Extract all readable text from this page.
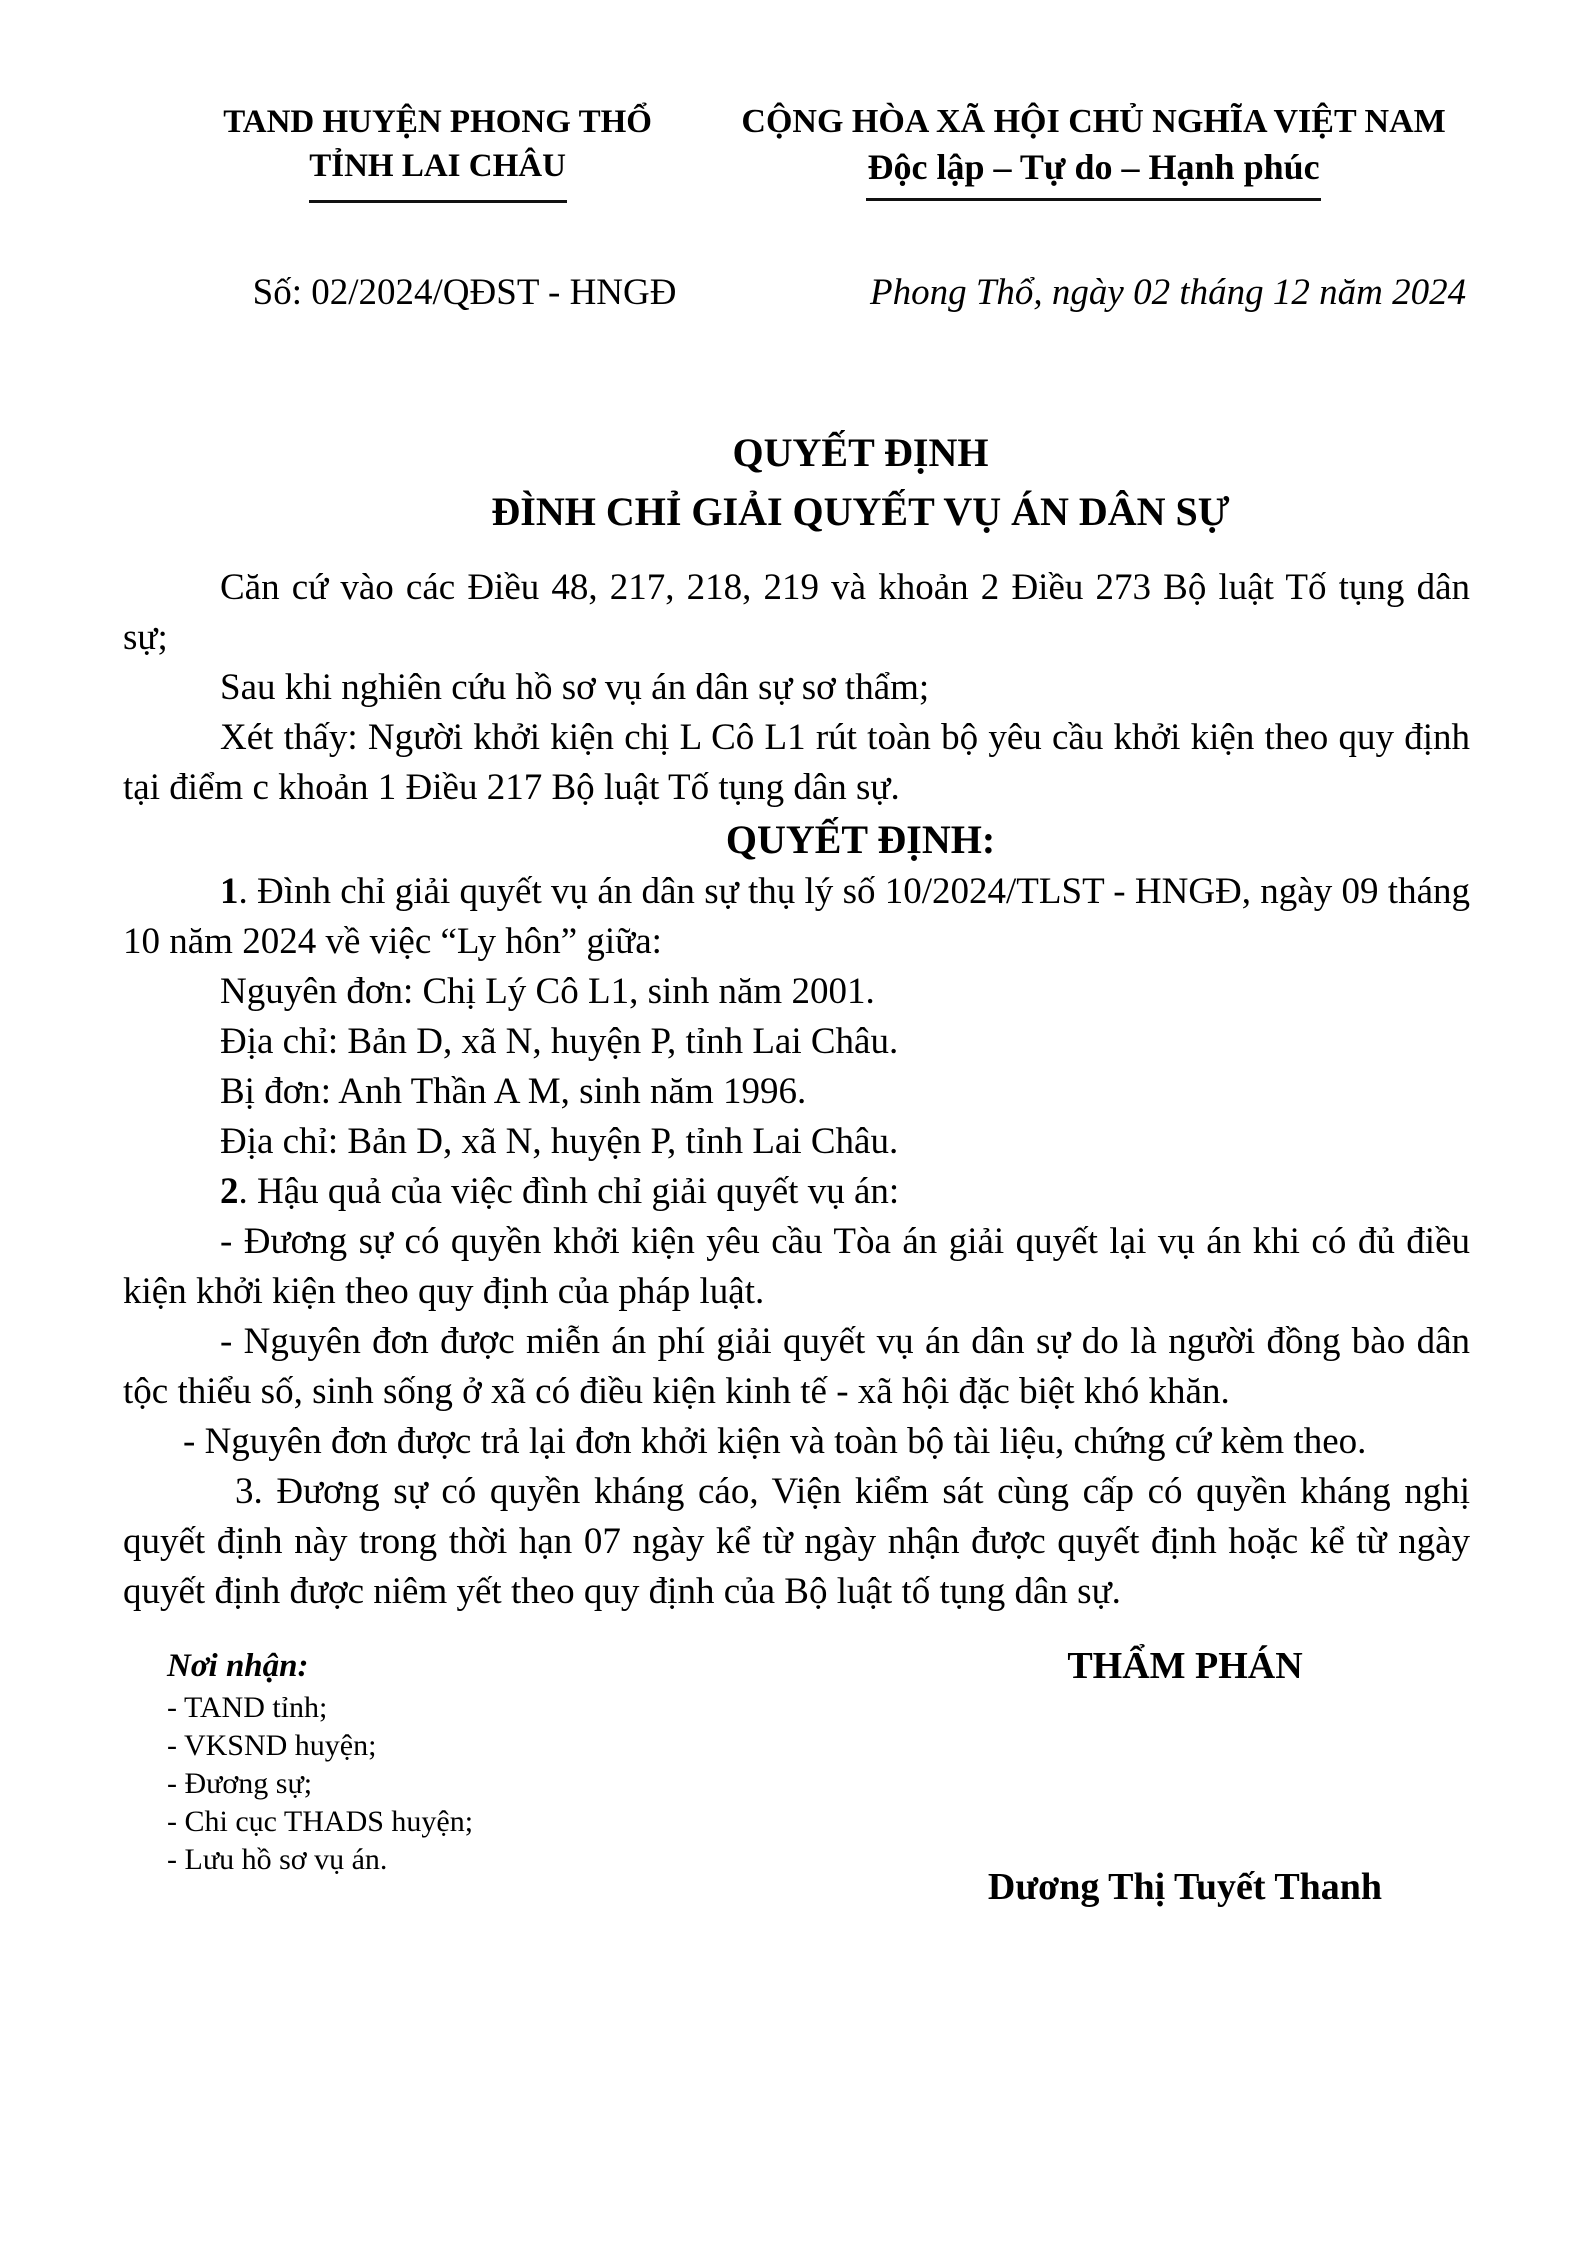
TAND HUYỆN PHONG THỔ
TỈNH LAI CHÂU
CỘNG HÒA XÃ HỘI CHỦ NGHĨA VIỆT NAM
Độc lập – Tự do – Hạnh phúc
Số: 02/2024/QĐST - HNGĐ	Phong Thổ, ngày 02 tháng 12 năm 2024
QUYẾT ĐỊNH
ĐÌNH CHỈ GIẢI QUYẾT VỤ ÁN DÂN SỰ

Căn cứ vào các Điều 48, 217, 218, 219 và khoản 2 Điều 273 Bộ luật Tố tụng dân sự;

Sau khi nghiên cứu hồ sơ vụ án dân sự sơ thẩm;

Xét thấy: Người khởi kiện chị L Cô L1 rút toàn bộ yêu cầu khởi kiện theo quy định tại điểm c khoản 1 Điều 217 Bộ luật Tố tụng dân sự.

QUYẾT ĐỊNH:

1. Đình chỉ giải quyết vụ án dân sự thụ lý số 10/2024/TLST - HNGĐ, ngày 09 tháng 10 năm 2024 về việc “Ly hôn” giữa:

Nguyên đơn: Chị Lý Cô L1, sinh năm 2001.

Địa chỉ: Bản D, xã N, huyện P, tỉnh Lai Châu.

Bị đơn: Anh Thần A M, sinh năm 1996.

Địa chỉ: Bản D, xã N, huyện P, tỉnh Lai Châu.

2. Hậu quả của việc đình chỉ giải quyết vụ án:

- Đương sự có quyền khởi kiện yêu cầu Tòa án giải quyết lại vụ án khi có đủ điều kiện khởi kiện theo quy định của pháp luật.

- Nguyên đơn được miễn án phí giải quyết vụ án dân sự do là người đồng bào dân tộc thiểu số, sinh sống ở xã có điều kiện kinh tế - xã hội đặc biệt khó khăn.

- Nguyên đơn được trả lại đơn khởi kiện và toàn bộ tài liệu, chứng cứ kèm theo.

3. Đương sự có quyền kháng cáo, Viện kiểm sát cùng cấp có quyền kháng nghị quyết định này trong thời hạn 07 ngày kể từ ngày nhận được quyết định hoặc kể từ ngày quyết định được niêm yết theo quy định của Bộ luật tố tụng dân sự.

Nơi nhận:
- TAND tỉnh;
- VKSND huyện;
- Đương sự;
- Chi cục THADS huyện;
- Lưu hồ sơ vụ án.
THẨM PHÁN
Dương Thị Tuyết Thanh
